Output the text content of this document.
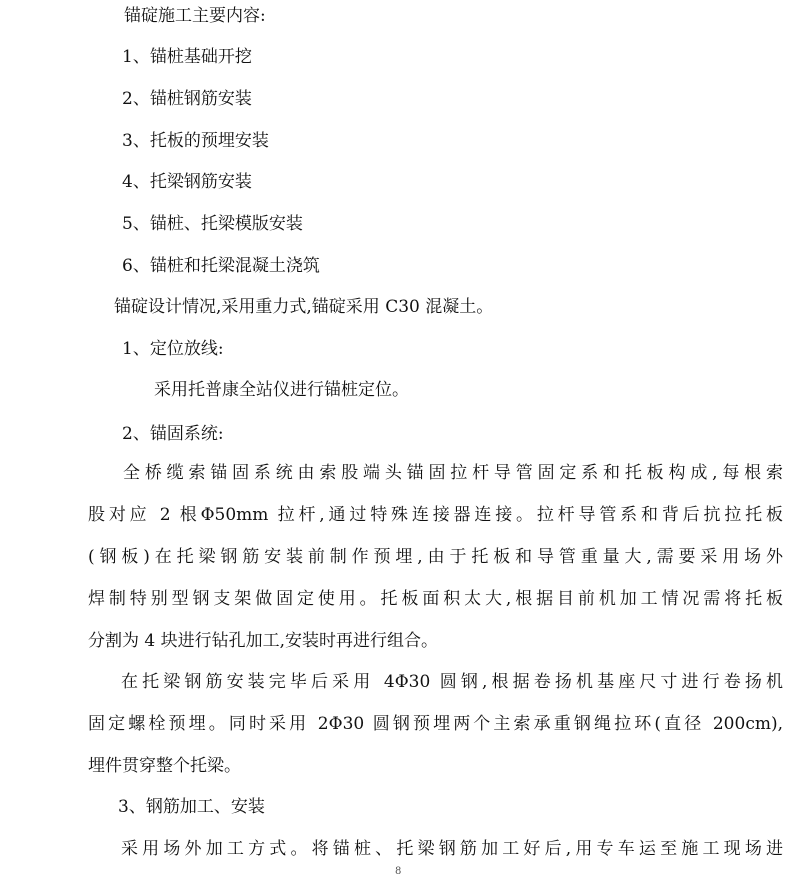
锚碇施工主要内容:
1、锚桩基础开挖
2、锚桩钢筋安装
3、托板的预埋安装
4、托梁钢筋安装
5、锚桩、托梁模版安装
6、锚桩和托梁混凝土浇筑
锚碇设计情况,采用重力式,锚碇采用 C30 混凝土。
1、定位放线:
采用托普康全站仪进行锚桩定位。
2、锚固系统:
全桥缆索锚固系统由索股端头锚固拉杆导管固定系和托板构成,每根索
股对应 2 根Φ50mm 拉杆,通过特殊连接器连接。拉杆导管系和背后抗拉托板
(钢板)在托梁钢筋安装前制作预埋,由于托板和导管重量大,需要采用场外
焊制特别型钢支架做固定使用。托板面积太大,根据目前机加工情况需将托板
分割为 4 块进行钻孔加工,安装时再进行组合。
在托梁钢筋安装完毕后采用 4Φ30 圆钢,根据卷扬机基座尺寸进行卷扬机
固定螺栓预埋。同时采用 2Φ30 圆钢预埋两个主索承重钢绳拉环(直径 200cm),
埋件贯穿整个托梁。
3、钢筋加工、安装
采用场外加工方式。将锚桩、托梁钢筋加工好后,用专车运至施工现场进
8
